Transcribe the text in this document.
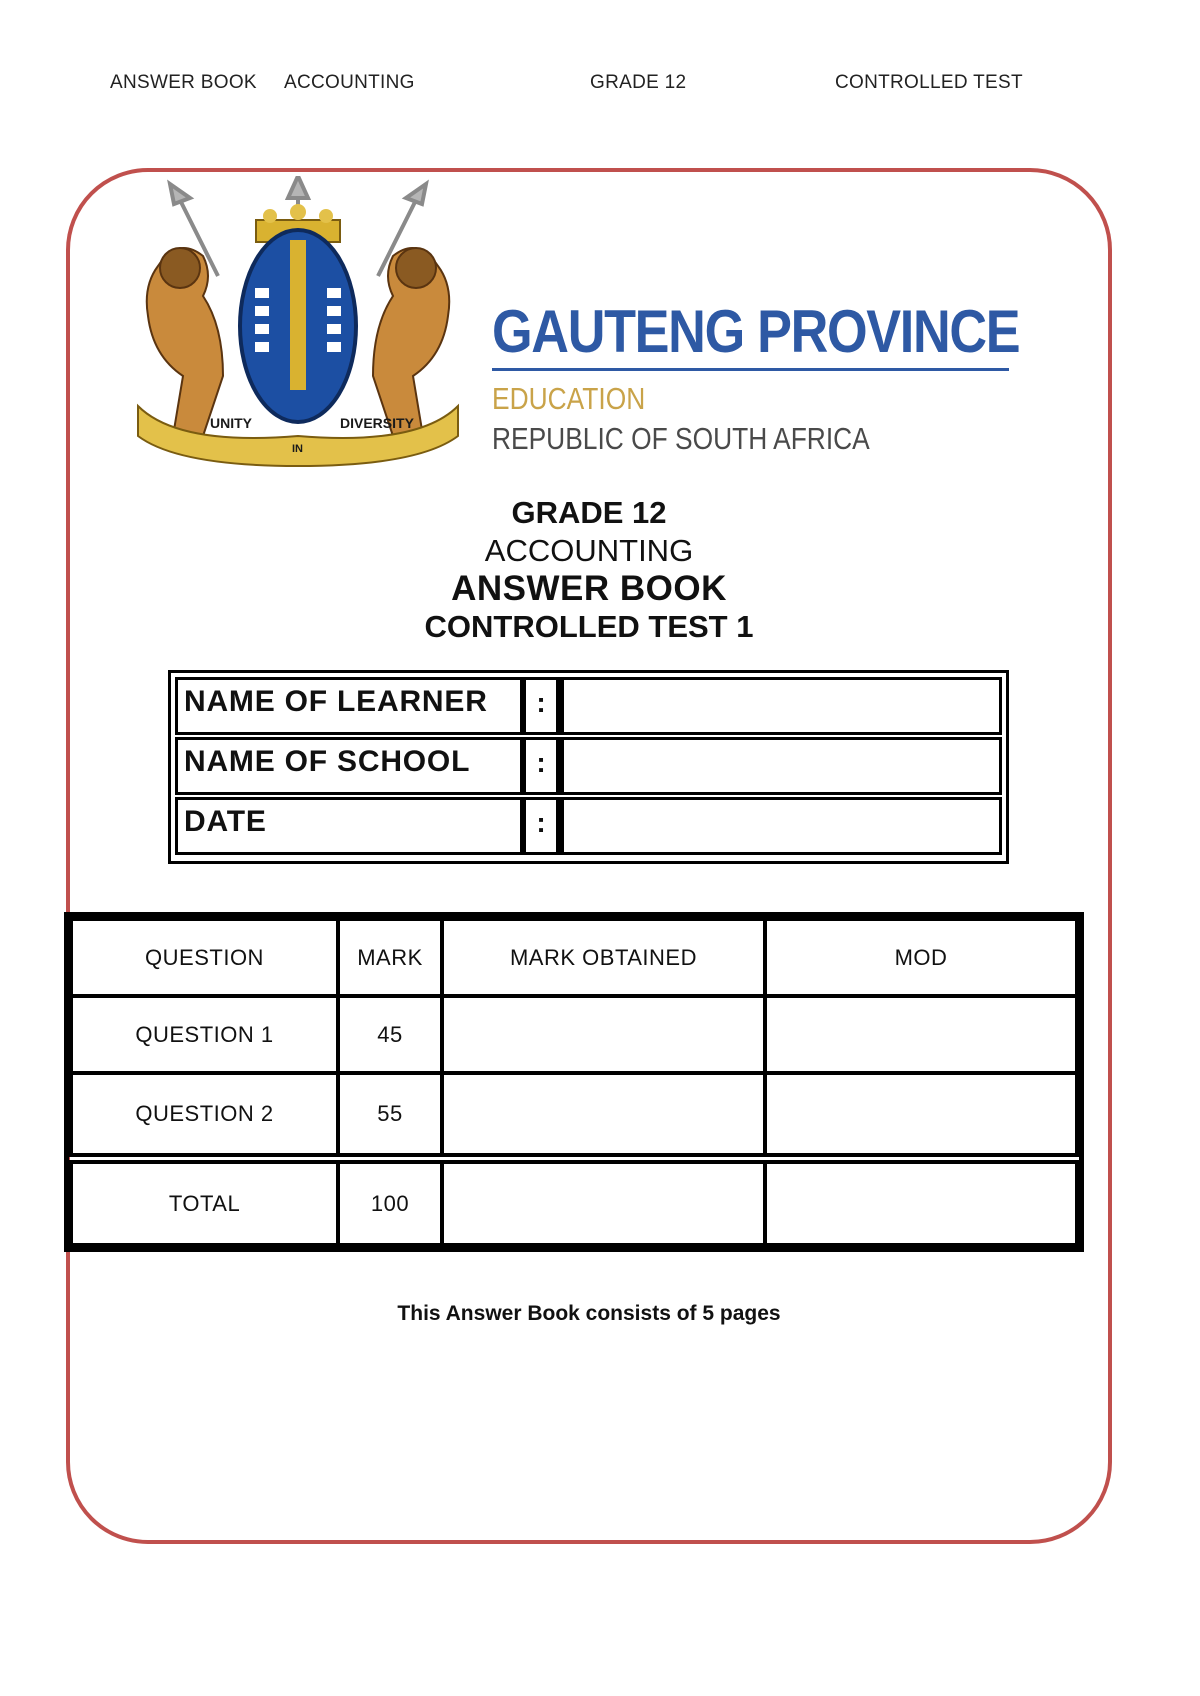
ANSWER BOOK ACCOUNTING	GRADE 12	CONTROLLED TEST
UNITY
IN
DIVERSITY
GAUTENG PROVINCE
EDUCATION
REPUBLIC OF SOUTH AFRICA
GRADE 12
ACCOUNTING
ANSWER BOOK
CONTROLLED TEST 1
NAME OF LEARNER	:
NAME OF SCHOOL	:
DATE	:
QUESTION	MARK	MARK OBTAINED	MOD
QUESTION 1	45		
QUESTION 2	55		
TOTAL	100		
This Answer Book consists of 5 pages
